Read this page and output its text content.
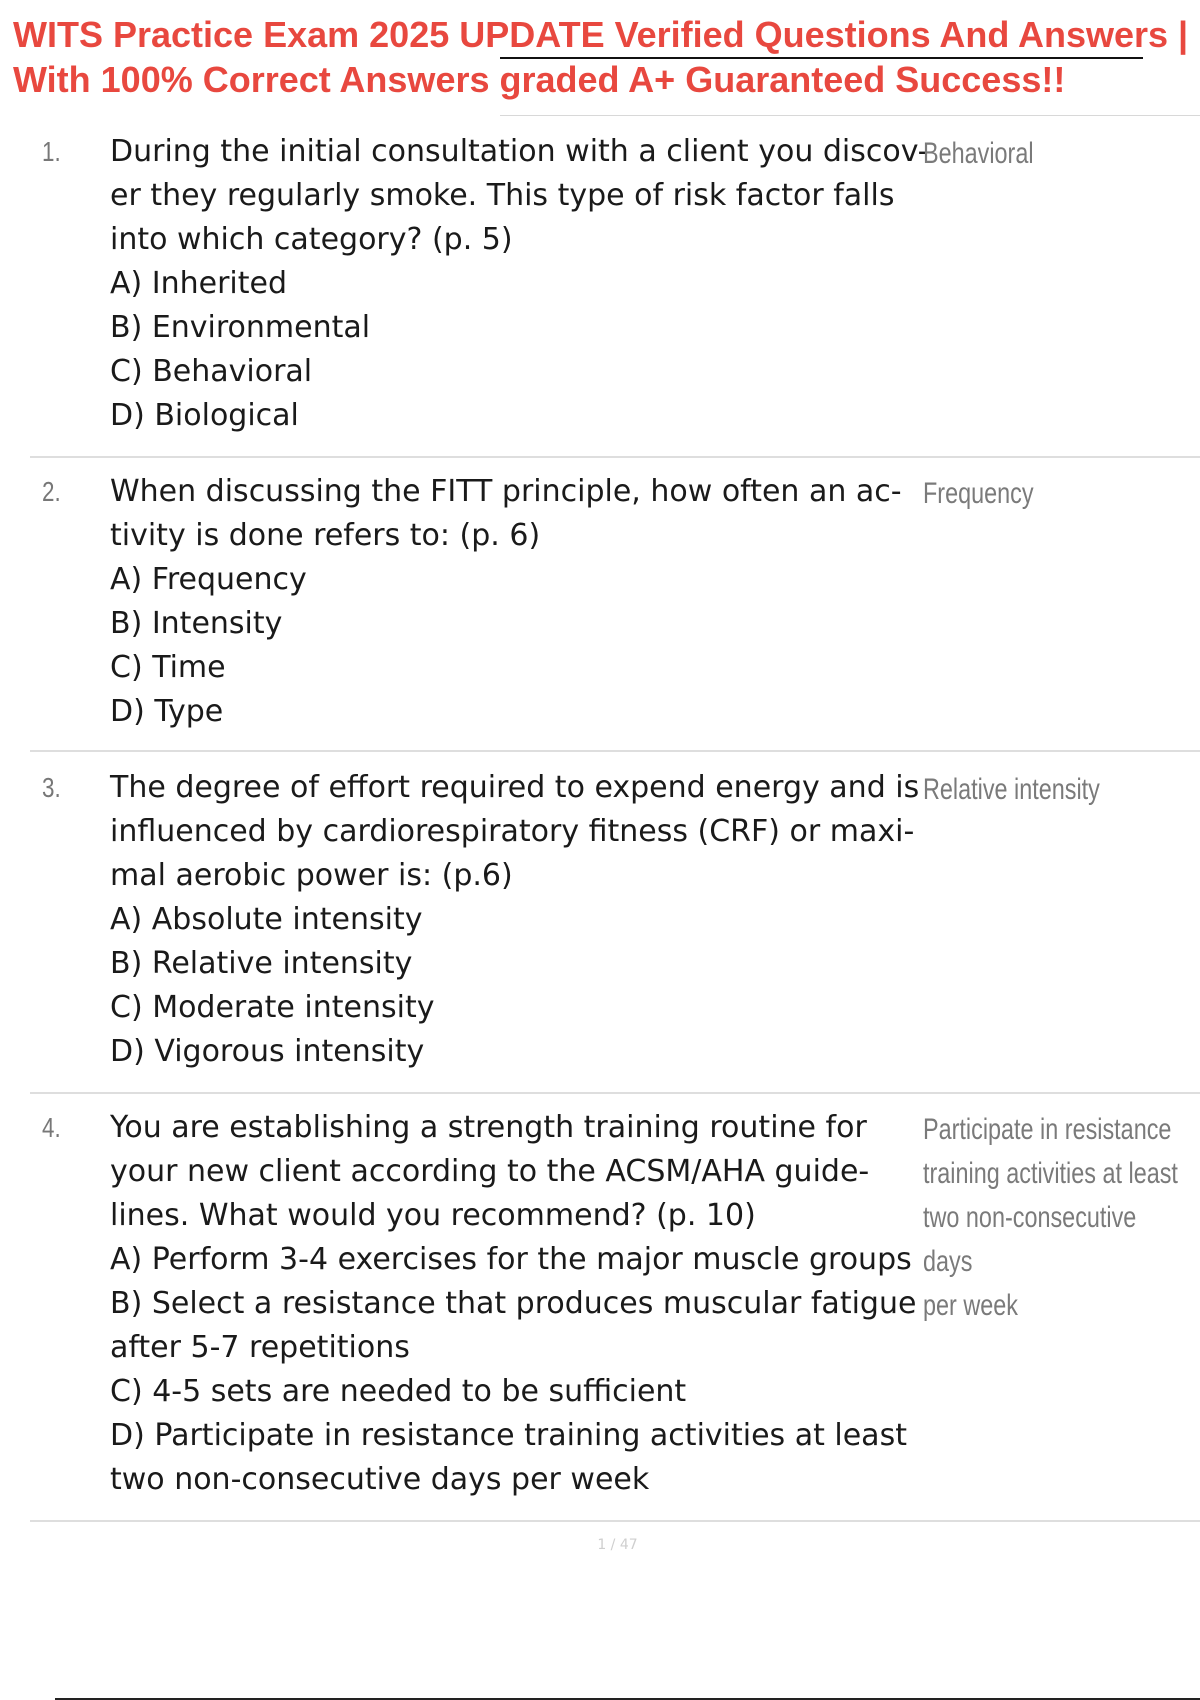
WITS Practice Exam 2025 UPDATE Verified Questions And Answers |
With 100% Correct Answers graded A+ Guaranteed Success!!
1. During the initial consultation with a client you discov-
er they regularly smoke. This type of risk factor falls
into which category? (p. 5)
A) Inherited
B) Environmental
C) Behavioral
D) Biological
Behavioral
2. When discussing the FITT principle, how often an ac-
tivity is done refers to: (p. 6)
A) Frequency
B) Intensity
C) Time
D) Type
Frequency
3. The degree of effort required to expend energy and is
influenced by cardiorespiratory fitness (CRF) or maxi-
mal aerobic power is: (p.6)
A) Absolute intensity
B) Relative intensity
C) Moderate intensity
D) Vigorous intensity
Relative intensity
4. You are establishing a strength training routine for
your new client according to the ACSM/AHA guide-
lines. What would you recommend? (p. 10)
A) Perform 3-4 exercises for the major muscle groups
B) Select a resistance that produces muscular fatigue
after 5-7 repetitions
C) 4-5 sets are needed to be sufficient
D) Participate in resistance training activities at least
two non-consecutive days per week
Participate in resistance
training activities at least
two non-consecutive days
per week
1 / 47
